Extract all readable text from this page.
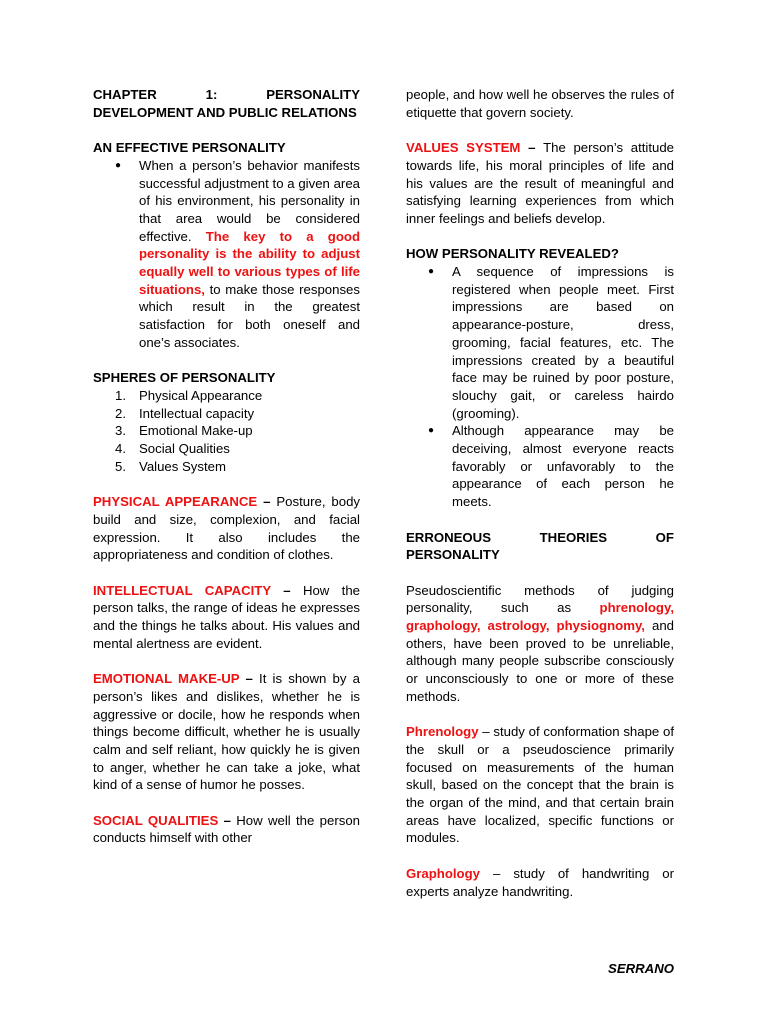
CHAPTER 1: PERSONALITY DEVELOPMENT AND PUBLIC RELATIONS

AN EFFECTIVE PERSONALITY

● When a person’s behavior manifests successful adjustment to a given area of his environment, his personality in that area would be considered effective. The key to a good personality is the ability to adjust equally well to various types of life situations, to make those responses which result in the greatest satisfaction for both oneself and one’s associates.

SPHERES OF PERSONALITY

1. Physical Appearance
2. Intellectual capacity
3. Emotional Make-up
4. Social Qualities
5. Values System

PHYSICAL APPEARANCE – Posture, body build and size, complexion, and facial expression. It also includes the appropriateness and condition of clothes.

INTELLECTUAL CAPACITY – How the person talks, the range of ideas he expresses and the things he talks about. His values and mental alertness are evident.

EMOTIONAL MAKE-UP – It is shown by a person’s likes and dislikes, whether he is aggressive or docile, how he responds when things become difficult, whether he is usually calm and self reliant, how quickly he is given to anger, whether he can take a joke, what kind of a sense of humor he posses.

SOCIAL QUALITIES – How well the person conducts himself with other

people, and how well he observes the rules of etiquette that govern society.

VALUES SYSTEM – The person’s attitude towards life, his moral principles of life and his values are the result of meaningful and satisfying learning experiences from which inner feelings and beliefs develop.

HOW PERSONALITY REVEALED?

● A sequence of impressions is registered when people meet. First impressions are based on appearance-posture, dress, grooming, facial features, etc. The impressions created by a beautiful face may be ruined by poor posture, slouchy gait, or careless hairdo (grooming).
● Although appearance may be deceiving, almost everyone reacts favorably or unfavorably to the appearance of each person he meets.

ERRONEOUS THEORIES OF PERSONALITY

Pseudoscientific methods of judging personality, such as phrenology, graphology, astrology, physiognomy, and others, have been proved to be unreliable, although many people subscribe consciously or unconsciously to one or more of these methods.

Phrenology – study of conformation shape of the skull or a pseudoscience primarily focused on measurements of the human skull, based on the concept that the brain is the organ of the mind, and that certain brain areas have localized, specific functions or modules.

Graphology – study of handwriting or experts analyze handwriting.

SERRANO
